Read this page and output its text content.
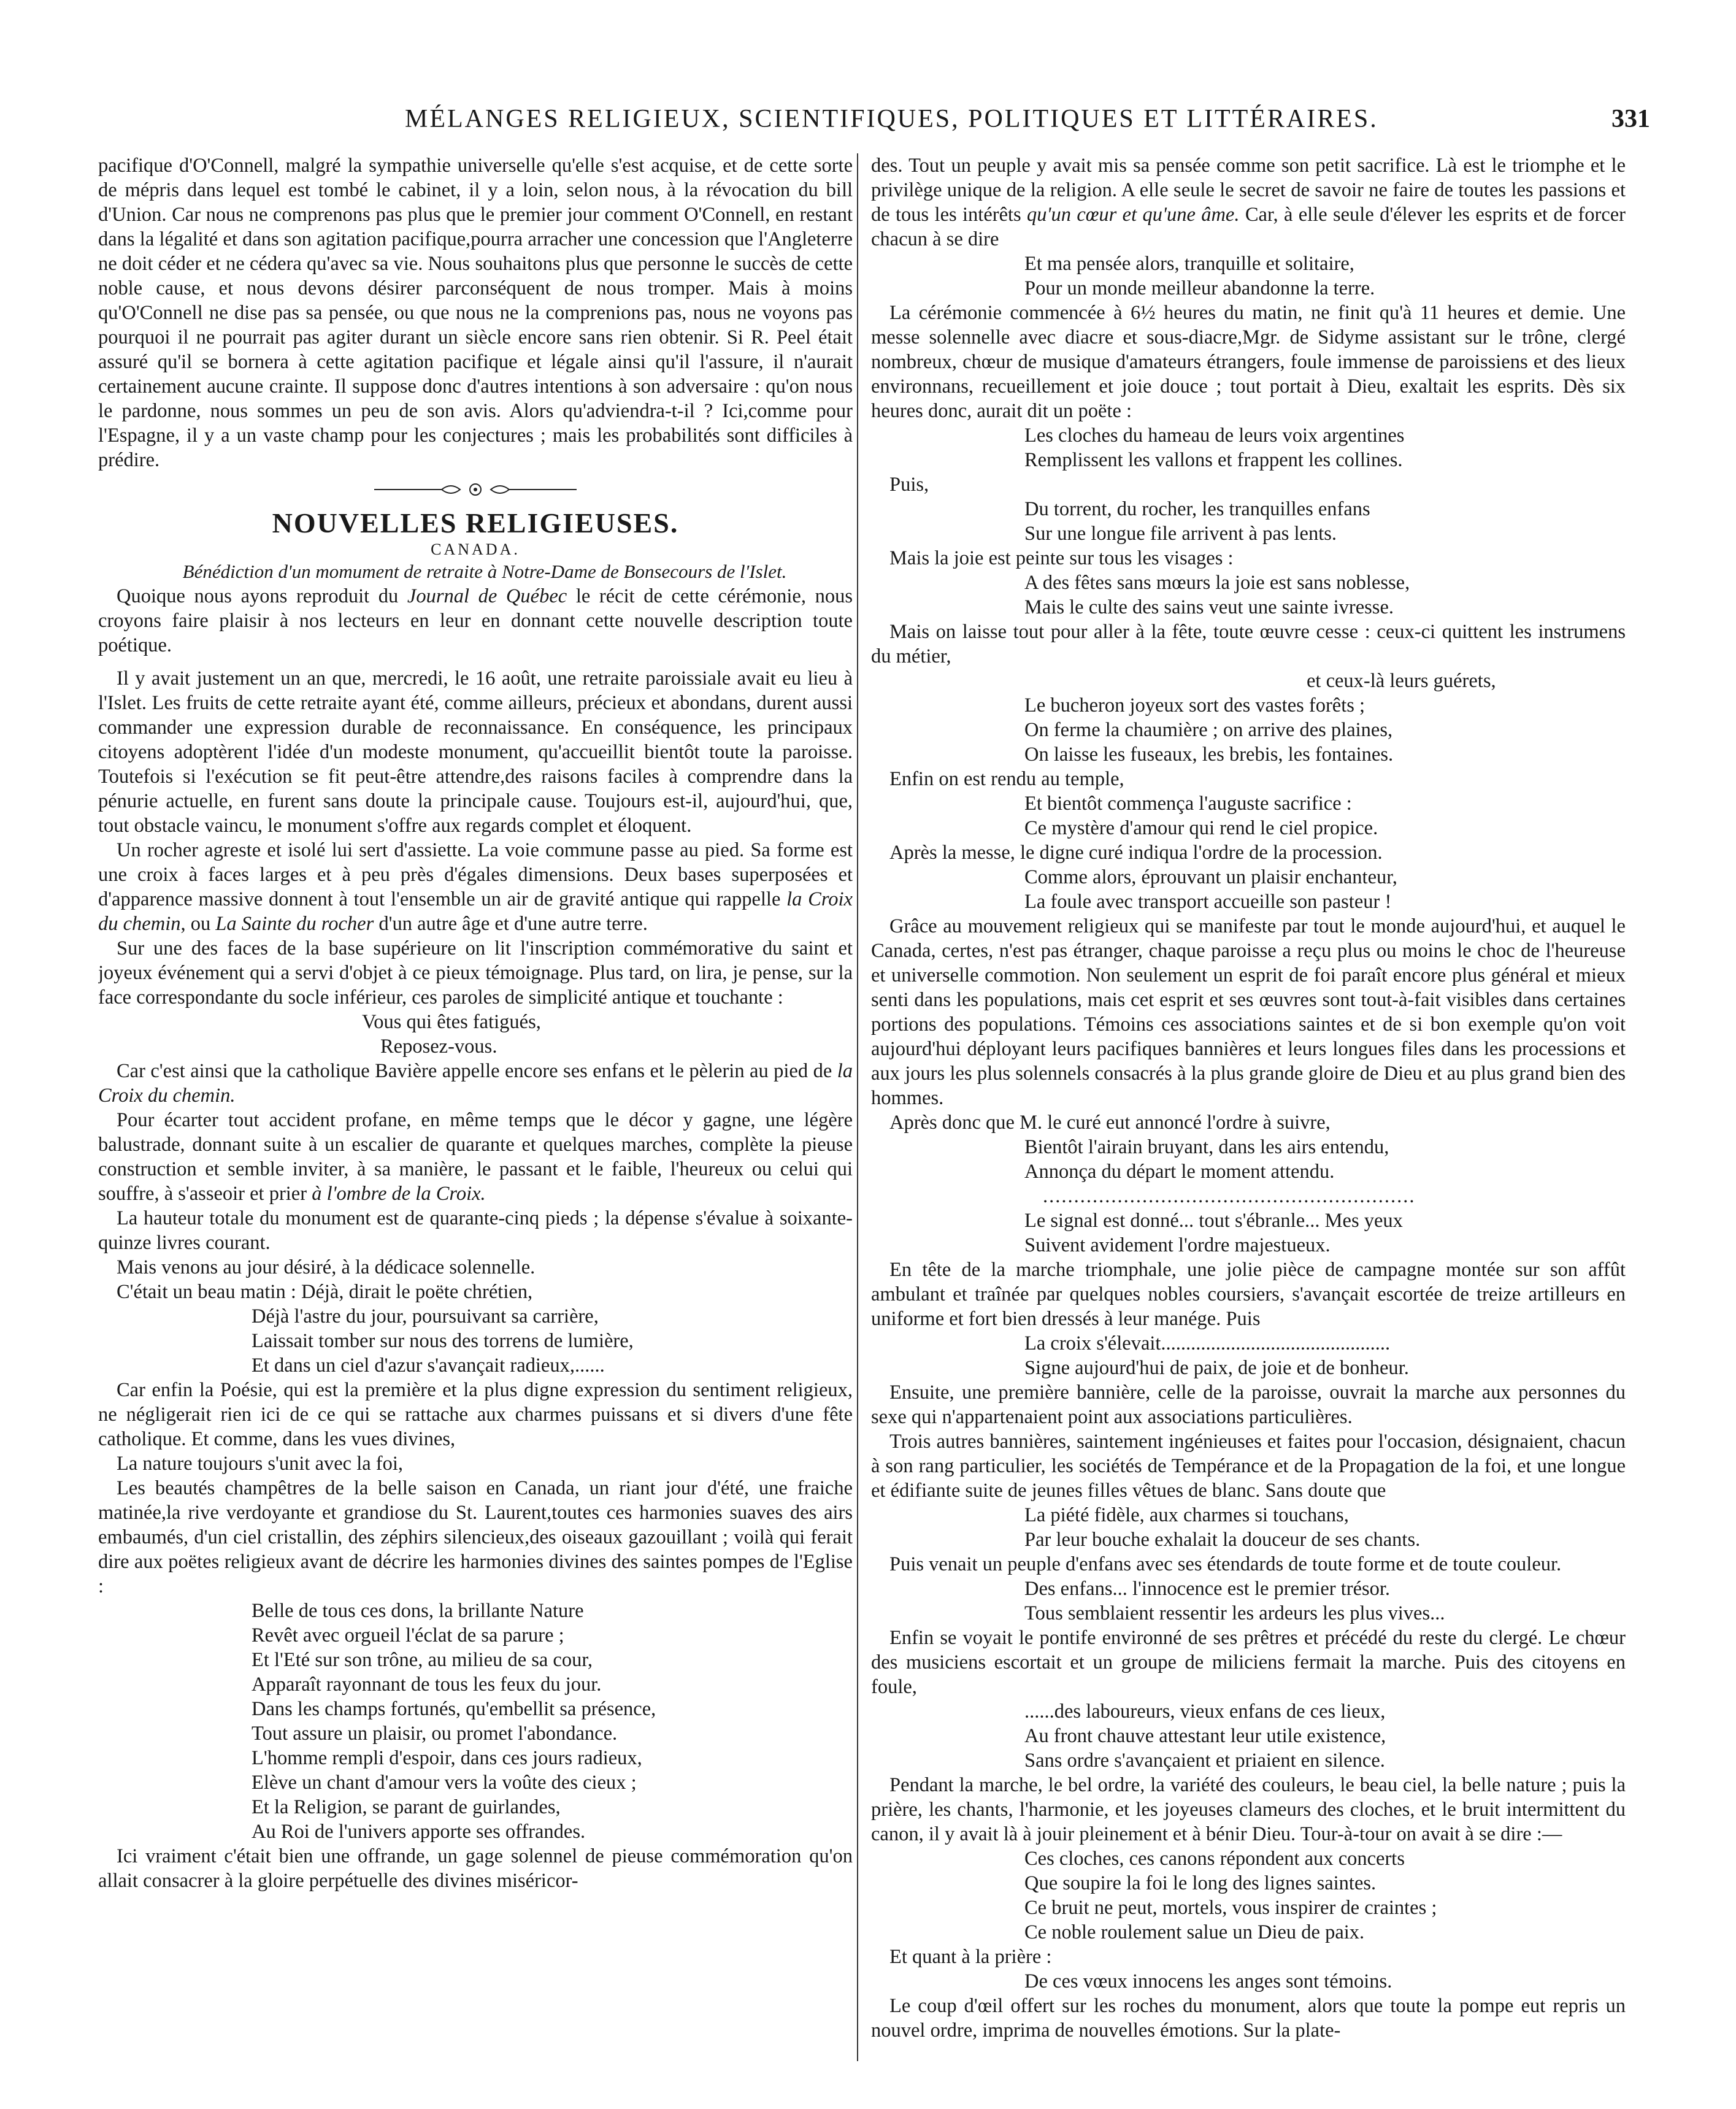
MÉLANGES RELIGIEUX, SCIENTIFIQUES, POLITIQUES ET LITTÉRAIRES.	331

pacifique d'O'Connell, malgré la sympathie universelle qu'elle s'est acquise, et de cette sorte de mépris dans lequel est tombé le cabinet, il y a loin, selon nous, à la révocation du bill d'Union. Car nous ne comprenons pas plus que le premier jour comment O'Connell, en restant dans la légalité et dans son agitation pacifique,pourra arracher une concession que l'Angleterre ne doit céder et ne cédera qu'avec sa vie. Nous souhaitons plus que personne le succès de cette noble cause, et nous devons désirer parconséquent de nous tromper. Mais à moins qu'O'Connell ne dise pas sa pensée, ou que nous ne la comprenions pas, nous ne voyons pas pourquoi il ne pourrait pas agiter durant un siècle encore sans rien obtenir. Si R. Peel était assuré qu'il se bornera à cette agitation pacifique et légale ainsi qu'il l'assure, il n'aurait certainement aucune crainte. Il suppose donc d'autres intentions à son adversaire : qu'on nous le pardonne, nous sommes un peu de son avis. Alors qu'adviendra-t-il ? Ici,comme pour l'Espagne, il y a un vaste champ pour les conjectures ; mais les probabilités sont difficiles à prédire.

NOUVELLES RELIGIEUSES.
CANADA.

Bénédiction d'un momument de retraite à Notre-Dame de Bonsecours de l'Islet.

Quoique nous ayons reproduit du Journal de Québec le récit de cette cérémonie, nous croyons faire plaisir à nos lecteurs en leur en donnant cette nouvelle description toute poétique.

Il y avait justement un an que, mercredi, le 16 août, une retraite paroissiale avait eu lieu à l'Islet. Les fruits de cette retraite ayant été, comme ailleurs, précieux et abondans, durent aussi commander une expression durable de reconnaissance. En conséquence, les principaux citoyens adoptèrent l'idée d'un modeste monument, qu'accueillit bientôt toute la paroisse. Toutefois si l'exécution se fit peut-être attendre,des raisons faciles à comprendre dans la pénurie actuelle, en furent sans doute la principale cause. Toujours est-il, aujourd'hui, que, tout obstacle vaincu, le monument s'offre aux regards complet et éloquent.

Un rocher agreste et isolé lui sert d'assiette. La voie commune passe au pied. Sa forme est une croix à faces larges et à peu près d'égales dimensions. Deux bases superposées et d'apparence massive donnent à tout l'ensemble un air de gravité antique qui rappelle la Croix du chemin, ou La Sainte du rocher d'un autre âge et d'une autre terre.

Sur une des faces de la base supérieure on lit l'inscription commémorative du saint et joyeux événement qui a servi d'objet à ce pieux témoignage. Plus tard, on lira, je pense, sur la face correspondante du socle inférieur, ces paroles de simplicité antique et touchante :

Vous qui êtes fatigués,

Reposez-vous.

Car c'est ainsi que la catholique Bavière appelle encore ses enfans et le pèlerin au pied de la Croix du chemin.

Pour écarter tout accident profane, en même temps que le décor y gagne, une légère balustrade, donnant suite à un escalier de quarante et quelques marches, complète la pieuse construction et semble inviter, à sa manière, le passant et le faible, l'heureux ou celui qui souffre, à s'asseoir et prier à l'ombre de la Croix.

La hauteur totale du monument est de quarante-cinq pieds ; la dépense s'évalue à soixante-quinze livres courant.

Mais venons au jour désiré, à la dédicace solennelle.

C'était un beau matin : Déjà, dirait le poëte chrétien,

Déjà l'astre du jour, poursuivant sa carrière,

Laissait tomber sur nous des torrens de lumière,

Et dans un ciel d'azur s'avançait radieux,......

Car enfin la Poésie, qui est la première et la plus digne expression du sentiment religieux, ne négligerait rien ici de ce qui se rattache aux charmes puissans et si divers d'une fête catholique. Et comme, dans les vues divines,

La nature toujours s'unit avec la foi,

Les beautés champêtres de la belle saison en Canada, un riant jour d'été, une fraiche matinée,la rive verdoyante et grandiose du St. Laurent,toutes ces harmonies suaves des airs embaumés, d'un ciel cristallin, des zéphirs silencieux,des oiseaux gazouillant ; voilà qui ferait dire aux poëtes religieux avant de décrire les harmonies divines des saintes pompes de l'Eglise :

Belle de tous ces dons, la brillante Nature

Revêt avec orgueil l'éclat de sa parure ;

Et l'Eté sur son trône, au milieu de sa cour,

Apparaît rayonnant de tous les feux du jour.

Dans les champs fortunés, qu'embellit sa présence,

Tout assure un plaisir, ou promet l'abondance.

L'homme rempli d'espoir, dans ces jours radieux,

Elève un chant d'amour vers la voûte des cieux ;

Et la Religion, se parant de guirlandes,

Au Roi de l'univers apporte ses offrandes.

Ici vraiment c'était bien une offrande, un gage solennel de pieuse commémoration qu'on allait consacrer à la gloire perpétuelle des divines miséricor-

des. Tout un peuple y avait mis sa pensée comme son petit sacrifice. Là est le triomphe et le privilège unique de la religion. A elle seule le secret de savoir ne faire de toutes les passions et de tous les intérêts qu'un cœur et qu'une âme. Car, à elle seule d'élever les esprits et de forcer chacun à se dire

Et ma pensée alors, tranquille et solitaire,

Pour un monde meilleur abandonne la terre.

La cérémonie commencée à 6½ heures du matin, ne finit qu'à 11 heures et demie. Une messe solennelle avec diacre et sous-diacre,Mgr. de Sidyme assistant sur le trône, clergé nombreux, chœur de musique d'amateurs étrangers, foule immense de paroissiens et des lieux environnans, recueillement et joie douce ; tout portait à Dieu, exaltait les esprits. Dès six heures donc, aurait dit un poëte :

Les cloches du hameau de leurs voix argentines

Remplissent les vallons et frappent les collines.

Puis,

Du torrent, du rocher, les tranquilles enfans

Sur une longue file arrivent à pas lents.

Mais la joie est peinte sur tous les visages :

A des fêtes sans mœurs la joie est sans noblesse,

Mais le culte des sains veut une sainte ivresse.

Mais on laisse tout pour aller à la fête, toute œuvre cesse : ceux-ci quittent les instrumens du métier,

et ceux-là leurs guérets,

Le bucheron joyeux sort des vastes forêts ;

On ferme la chaumière ; on arrive des plaines,

On laisse les fuseaux, les brebis, les fontaines.

Enfin on est rendu au temple,

Et bientôt commença l'auguste sacrifice :

Ce mystère d'amour qui rend le ciel propice.

Après la messe, le digne curé indiqua l'ordre de la procession.

Comme alors, éprouvant un plaisir enchanteur,

La foule avec transport accueille son pasteur !

Grâce au mouvement religieux qui se manifeste par tout le monde aujourd'hui, et auquel le Canada, certes, n'est pas étranger, chaque paroisse a reçu plus ou moins le choc de l'heureuse et universelle commotion. Non seulement un esprit de foi paraît encore plus général et mieux senti dans les populations, mais cet esprit et ses œuvres sont tout-à-fait visibles dans certaines portions des populations. Témoins ces associations saintes et de si bon exemple qu'on voit aujourd'hui déployant leurs pacifiques bannières et leurs longues files dans les processions et aux jours les plus solennels consacrés à la plus grande gloire de Dieu et au plus grand bien des hommes.

Après donc que M. le curé eut annoncé l'ordre à suivre,

Bientôt l'airain bruyant, dans les airs entendu,

Annonça du départ le moment attendu.

............................................................

Le signal est donné... tout s'ébranle... Mes yeux

Suivent avidement l'ordre majestueux.

En tête de la marche triomphale, une jolie pièce de campagne montée sur son affût ambulant et traînée par quelques nobles coursiers, s'avançait escortée de treize artilleurs en uniforme et fort bien dressés à leur manége. Puis

La croix s'élevait..............................................

Signe aujourd'hui de paix, de joie et de bonheur.

Ensuite, une première bannière, celle de la paroisse, ouvrait la marche aux personnes du sexe qui n'appartenaient point aux associations particulières.

Trois autres bannières, saintement ingénieuses et faites pour l'occasion, désignaient, chacun à son rang particulier, les sociétés de Tempérance et de la Propagation de la foi, et une longue et édifiante suite de jeunes filles vêtues de blanc. Sans doute que

La piété fidèle, aux charmes si touchans,

Par leur bouche exhalait la douceur de ses chants.

Puis venait un peuple d'enfans avec ses étendards de toute forme et de toute couleur.

Des enfans... l'innocence est le premier trésor.

Tous semblaient ressentir les ardeurs les plus vives...

Enfin se voyait le pontife environné de ses prêtres et précédé du reste du clergé. Le chœur des musiciens escortait et un groupe de miliciens fermait la marche. Puis des citoyens en foule,

......des laboureurs, vieux enfans de ces lieux,

Au front chauve attestant leur utile existence,

Sans ordre s'avançaient et priaient en silence.

Pendant la marche, le bel ordre, la variété des couleurs, le beau ciel, la belle nature ; puis la prière, les chants, l'harmonie, et les joyeuses clameurs des cloches, et le bruit intermittent du canon, il y avait là à jouir pleinement et à bénir Dieu. Tour-à-tour on avait à se dire :—

Ces cloches, ces canons répondent aux concerts

Que soupire la foi le long des lignes saintes.

Ce bruit ne peut, mortels, vous inspirer de craintes ;

Ce noble roulement salue un Dieu de paix.

Et quant à la prière :

De ces vœux innocens les anges sont témoins.

Le coup d'œil offert sur les roches du monument, alors que toute la pompe eut repris un nouvel ordre, imprima de nouvelles émotions. Sur la plate-
